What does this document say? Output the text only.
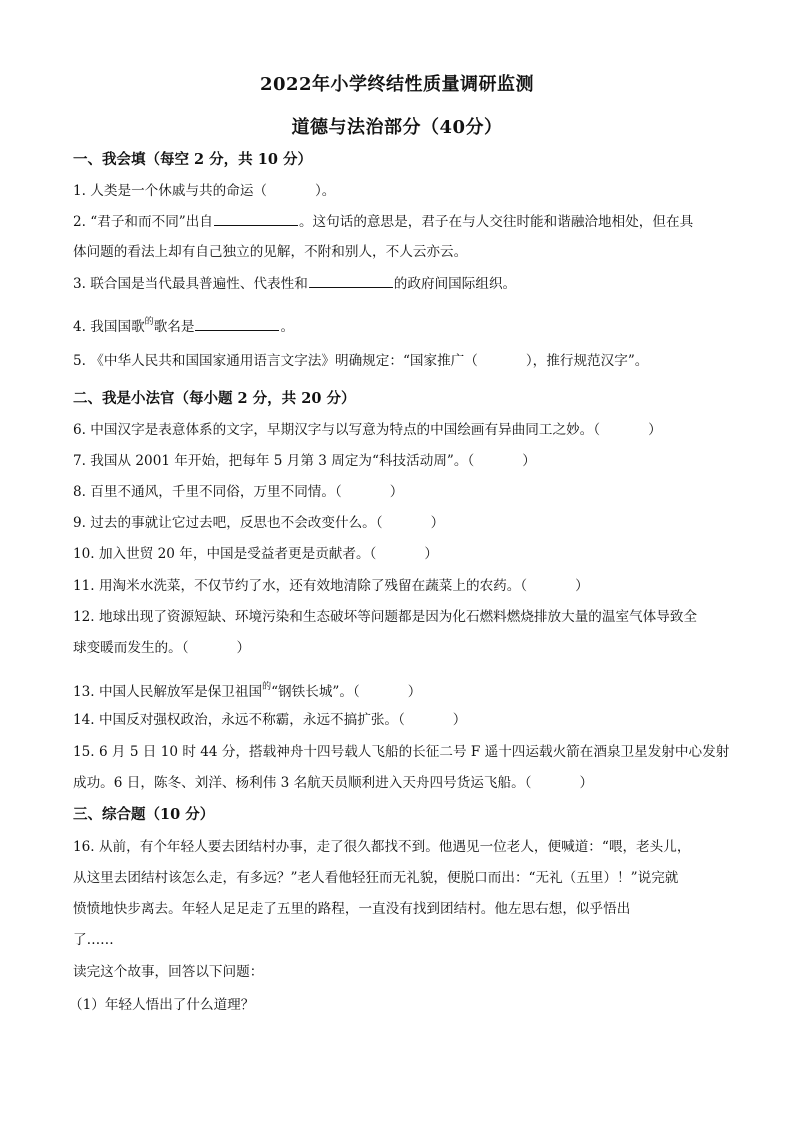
2022年小学终结性质量调研监测
道德与法治部分（40分）
一、我会填（每空 2 分，共 10 分）
1. 人类是一个休戚与共的命运（	）。
2. “君子和而不同”出自	。这句话的意思是，君子在与人交往时能和谐融洽地相处，但在具
体问题的看法上却有自己独立的见解，不附和别人，不人云亦云。
3. 联合国是当代最具普遍性、代表性和	的政府间国际组织。
4. 我国国歌$^的$歌名是	。
5. 《中华人民共和国国家通用语言文字法》明确规定：“国家推广（	），推行规范汉字”。
二、我是小法官（每小题 2 分，共 20 分）
6. 中国汉字是表意体系的文字，早期汉字与以写意为特点的中国绘画有异曲同工之妙。（	）
7. 我国从 2001 年开始，把每年 5 月第 3 周定为“科技活动周”。（	）
8. 百里不通风，千里不同俗，万里不同情。（	）
9. 过去的事就让它过去吧，反思也不会改变什么。（	）
10. 加入世贸 20 年，中国是受益者更是贡献者。（	）
11. 用淘米水洗菜，不仅节约了水，还有效地清除了残留在蔬菜上的农药。（	）
12. 地球出现了资源短缺、环境污染和生态破坏等问题都是因为化石燃料燃烧排放大量的温室气体导致全
球变暖而发生的。（	）
13. 中国人民解放军是保卫祖国$^的$“钢铁长城”。（	）
14. 中国反对强权政治，永远不称霸，永远不搞扩张。（	）
15. 6 月 5 日 10 时 44 分，搭载神舟十四号载人飞船的长征二号 F 遥十四运载火箭在酒泉卫星发射中心发射
成功。6 日，陈冬、刘洋、杨利伟 3 名航天员顺利进入天舟四号货运飞船。（	）
三、综合题（10 分）
16. 从前，有个年轻人要去团结村办事，走了很久都找不到。他遇见一位老人，便喊道：“喂，老头儿，
从这里去团结村该怎么走，有多远？”老人看他轻狂而无礼貌，便脱口而出：“无礼（五里）！”说完就
愤愤地快步离去。年轻人足足走了五里的路程，一直没有找到团结村。他左思右想，似乎悟出
了……
读完这个故事，回答以下问题：
（1）年轻人悟出了什么道理？
